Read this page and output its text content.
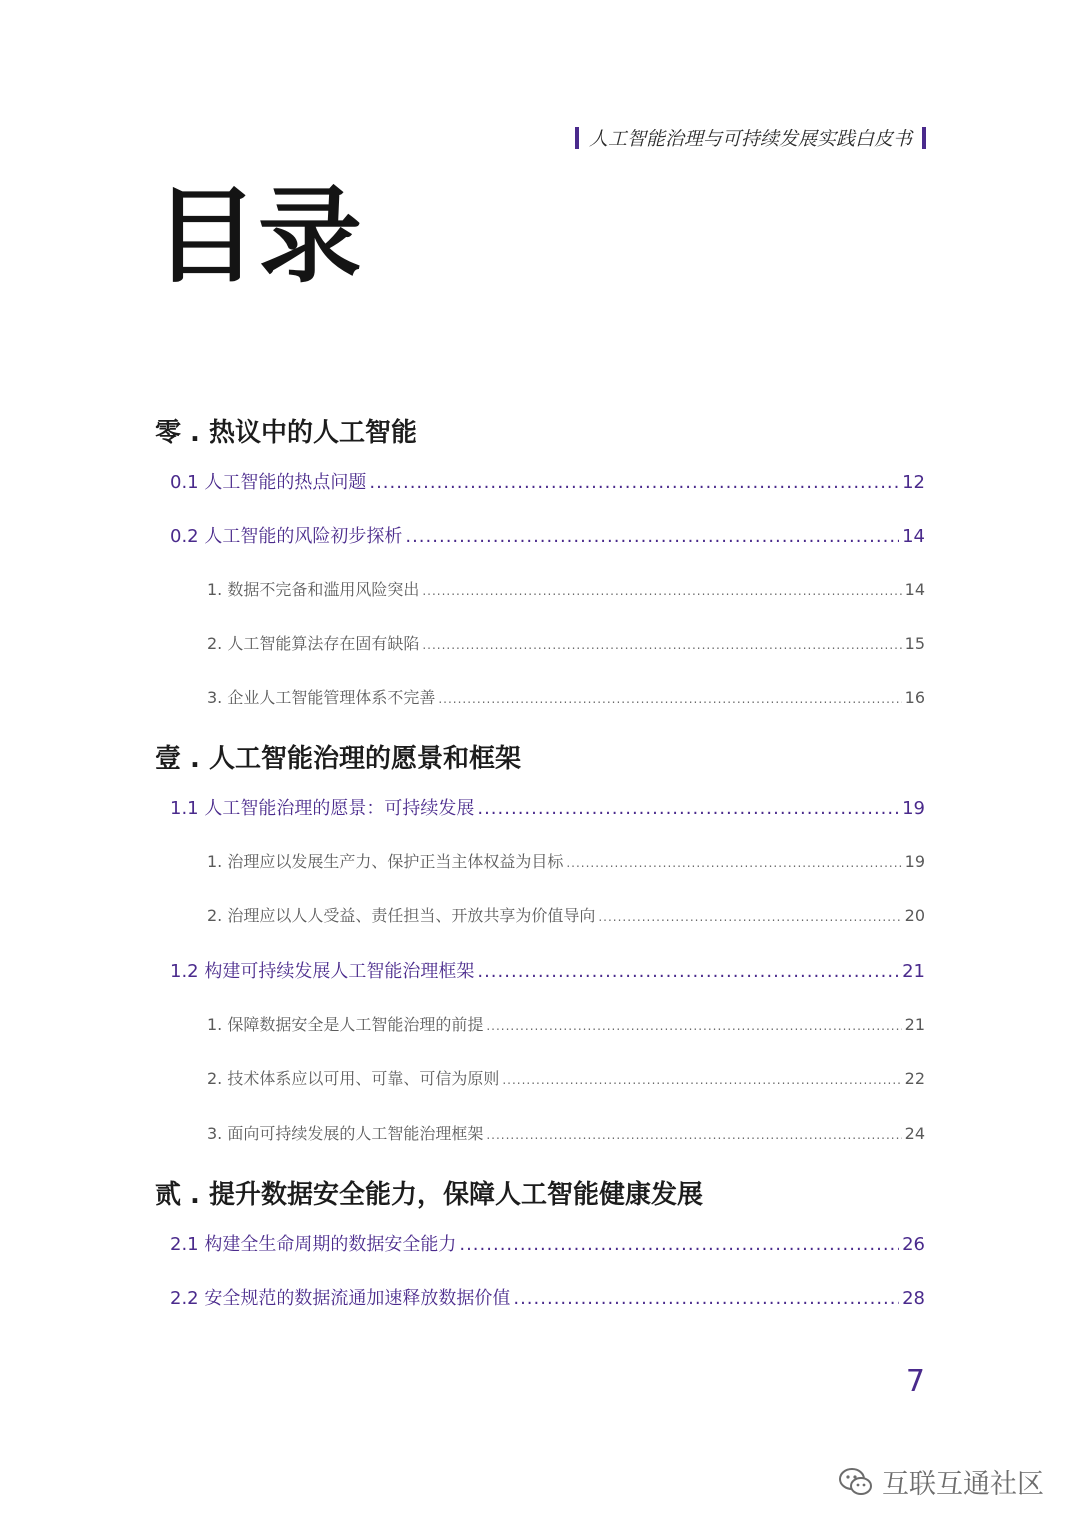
人工智能治理与可持续发展实践白皮书
目录
零 . 热议中的人工智能
0.1 人工智能的热点问题 .....	12
0.2 人工智能的风险初步探析 .....	14
1. 数据不完备和滥用风险突出 .....	14
2. 人工智能算法存在固有缺陷 .....	15
3. 企业人工智能管理体系不完善 .....	16
壹 . 人工智能治理的愿景和框架
1.1 人工智能治理的愿景：可持续发展 .....	19
1. 治理应以发展生产力、保护正当主体权益为目标 .....	19
2. 治理应以人人受益、责任担当、开放共享为价值导向 .....	20
1.2 构建可持续发展人工智能治理框架 .....	21
1. 保障数据安全是人工智能治理的前提 .....	21
2. 技术体系应以可用、可靠、可信为原则 .....	22
3. 面向可持续发展的人工智能治理框架 .....	24
贰 . 提升数据安全能力，保障人工智能健康发展
2.1 构建全生命周期的数据安全能力 .....	26
2.2 安全规范的数据流通加速释放数据价值 .....	28
7
互联互通社区
